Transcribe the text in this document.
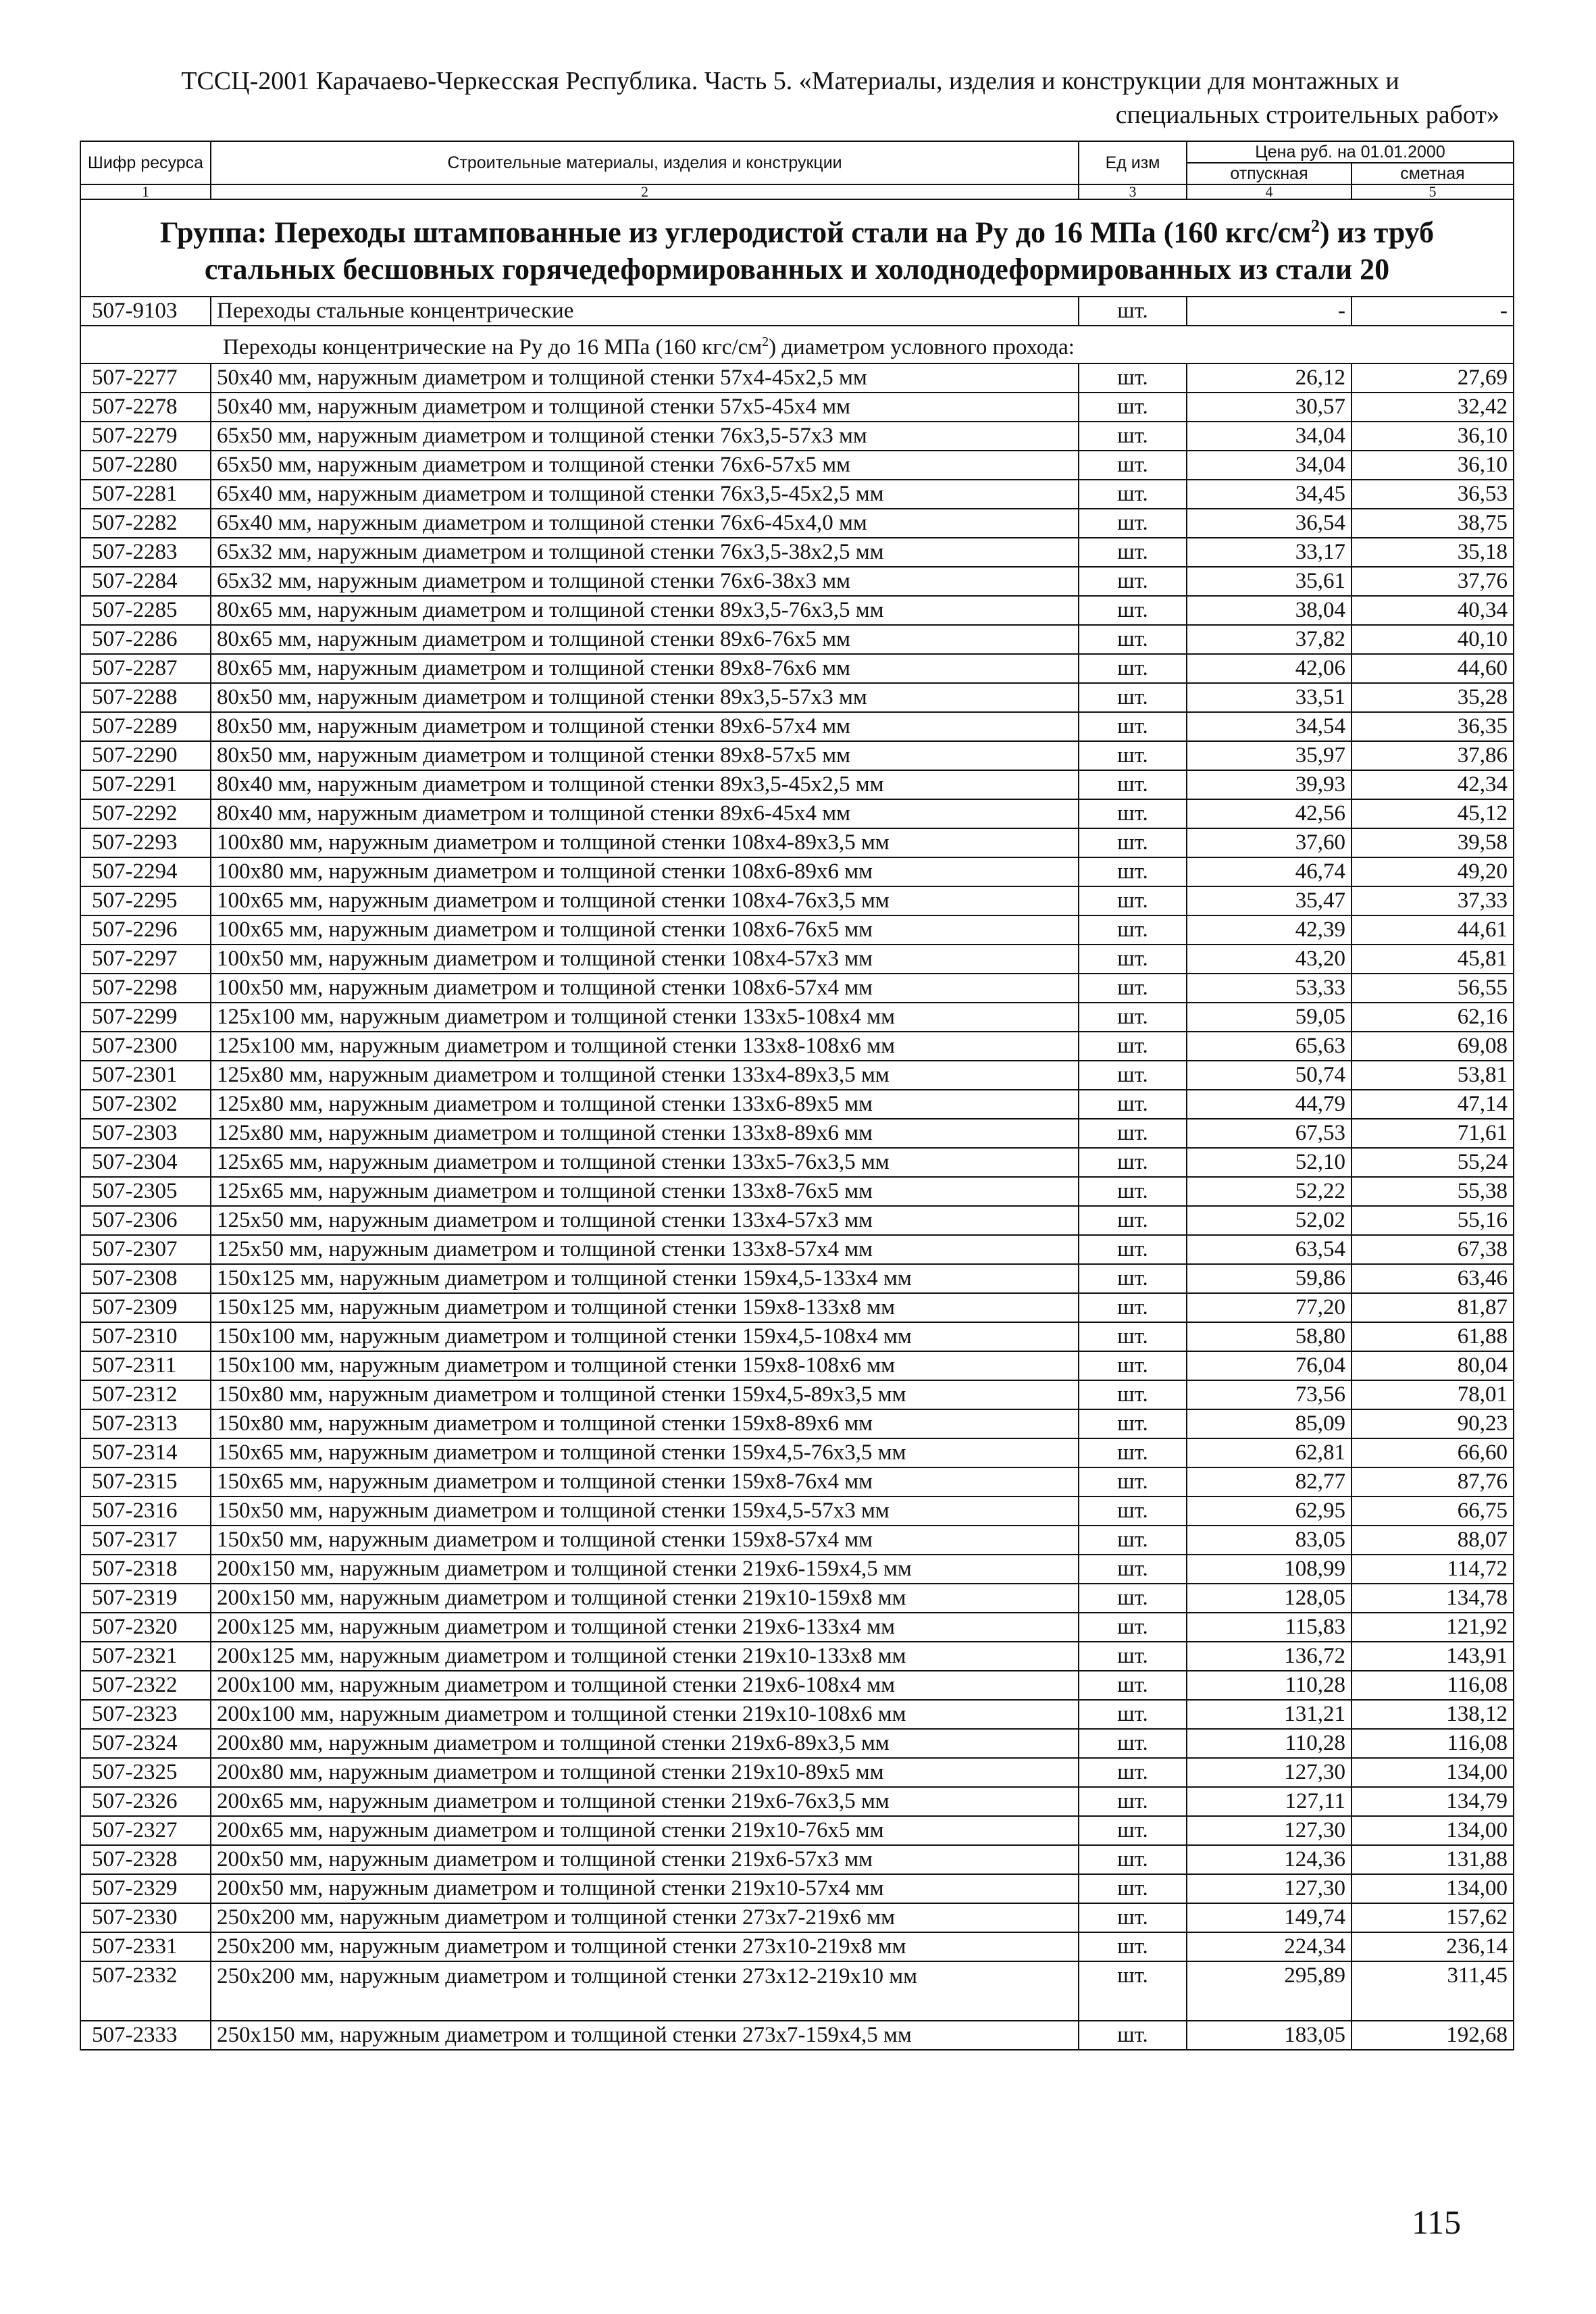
ТССЦ-2001 Карачаево-Черкесская Республика. Часть 5. «Материалы, изделия и конструкции для монтажных и
специальных строительных работ»
Шифр ресурса	Строительные материалы, изделия и конструкции	Ед изм	Цена руб. на 01.01.2000	
			отпускная	сметная
1	2	3	4	5
Группа: Переходы штампованные из углеродистой стали на Ру до 16 МПа (160 кгс/$см^2$) из труб стальных бесшовных горячедеформированных и холоднодеформированных из стали 20				
507-9103	Переходы стальные концентрические	шт.	-	-
Переходы концентрические на Ру до 16 МПа (160 кгс/$см^2$) диаметром условного прохода:				
507-2277	50x40 мм, наружным диаметром и толщиной стенки 57x4-45x2,5 мм	шт.	26,12	27,69
507-2278	50x40 мм, наружным диаметром и толщиной стенки 57x5-45x4 мм	шт.	30,57	32,42
507-2279	65x50 мм, наружным диаметром и толщиной стенки 76x3,5-57x3 мм	шт.	34,04	36,10
507-2280	65x50 мм, наружным диаметром и толщиной стенки 76x6-57x5 мм	шт.	34,04	36,10
507-2281	65x40 мм, наружным диаметром и толщиной стенки 76x3,5-45x2,5 мм	шт.	34,45	36,53
507-2282	65x40 мм, наружным диаметром и толщиной стенки 76x6-45x4,0 мм	шт.	36,54	38,75
507-2283	65x32 мм, наружным диаметром и толщиной стенки 76x3,5-38x2,5 мм	шт.	33,17	35,18
507-2284	65x32 мм, наружным диаметром и толщиной стенки 76x6-38x3 мм	шт.	35,61	37,76
507-2285	80x65 мм, наружным диаметром и толщиной стенки 89x3,5-76x3,5 мм	шт.	38,04	40,34
507-2286	80x65 мм, наружным диаметром и толщиной стенки 89x6-76x5 мм	шт.	37,82	40,10
507-2287	80x65 мм, наружным диаметром и толщиной стенки 89x8-76x6 мм	шт.	42,06	44,60
507-2288	80x50 мм, наружным диаметром и толщиной стенки 89x3,5-57x3 мм	шт.	33,51	35,28
507-2289	80x50 мм, наружным диаметром и толщиной стенки 89x6-57x4 мм	шт.	34,54	36,35
507-2290	80x50 мм, наружным диаметром и толщиной стенки 89x8-57x5 мм	шт.	35,97	37,86
507-2291	80x40 мм, наружным диаметром и толщиной стенки 89x3,5-45x2,5 мм	шт.	39,93	42,34
507-2292	80x40 мм, наружным диаметром и толщиной стенки 89x6-45x4 мм	шт.	42,56	45,12
507-2293	100x80 мм, наружным диаметром и толщиной стенки 108x4-89x3,5 мм	шт.	37,60	39,58
507-2294	100x80 мм, наружным диаметром и толщиной стенки 108x6-89x6 мм	шт.	46,74	49,20
507-2295	100x65 мм, наружным диаметром и толщиной стенки 108x4-76x3,5 мм	шт.	35,47	37,33
507-2296	100x65 мм, наружным диаметром и толщиной стенки 108x6-76x5 мм	шт.	42,39	44,61
507-2297	100x50 мм, наружным диаметром и толщиной стенки 108x4-57x3 мм	шт.	43,20	45,81
507-2298	100x50 мм, наружным диаметром и толщиной стенки 108x6-57x4 мм	шт.	53,33	56,55
507-2299	125x100 мм, наружным диаметром и толщиной стенки 133x5-108x4 мм	шт.	59,05	62,16
507-2300	125x100 мм, наружным диаметром и толщиной стенки 133x8-108x6 мм	шт.	65,63	69,08
507-2301	125x80 мм, наружным диаметром и толщиной стенки 133x4-89x3,5 мм	шт.	50,74	53,81
507-2302	125x80 мм, наружным диаметром и толщиной стенки 133x6-89x5 мм	шт.	44,79	47,14
507-2303	125x80 мм, наружным диаметром и толщиной стенки 133x8-89x6 мм	шт.	67,53	71,61
507-2304	125x65 мм, наружным диаметром и толщиной стенки 133x5-76x3,5 мм	шт.	52,10	55,24
507-2305	125x65 мм, наружным диаметром и толщиной стенки 133x8-76x5 мм	шт.	52,22	55,38
507-2306	125x50 мм, наружным диаметром и толщиной стенки 133x4-57x3 мм	шт.	52,02	55,16
507-2307	125x50 мм, наружным диаметром и толщиной стенки 133x8-57x4 мм	шт.	63,54	67,38
507-2308	150x125 мм, наружным диаметром и толщиной стенки 159x4,5-133x4 мм	шт.	59,86	63,46
507-2309	150x125 мм, наружным диаметром и толщиной стенки 159x8-133x8 мм	шт.	77,20	81,87
507-2310	150x100 мм, наружным диаметром и толщиной стенки 159x4,5-108x4 мм	шт.	58,80	61,88
507-2311	150x100 мм, наружным диаметром и толщиной стенки 159x8-108x6 мм	шт.	76,04	80,04
507-2312	150x80 мм, наружным диаметром и толщиной стенки 159x4,5-89x3,5 мм	шт.	73,56	78,01
507-2313	150x80 мм, наружным диаметром и толщиной стенки 159x8-89x6 мм	шт.	85,09	90,23
507-2314	150x65 мм, наружным диаметром и толщиной стенки 159x4,5-76x3,5 мм	шт.	62,81	66,60
507-2315	150x65 мм, наружным диаметром и толщиной стенки 159x8-76x4 мм	шт.	82,77	87,76
507-2316	150x50 мм, наружным диаметром и толщиной стенки 159x4,5-57x3 мм	шт.	62,95	66,75
507-2317	150x50 мм, наружным диаметром и толщиной стенки 159x8-57x4 мм	шт.	83,05	88,07
507-2318	200x150 мм, наружным диаметром и толщиной стенки 219x6-159x4,5 мм	шт.	108,99	114,72
507-2319	200x150 мм, наружным диаметром и толщиной стенки 219x10-159x8 мм	шт.	128,05	134,78
507-2320	200x125 мм, наружным диаметром и толщиной стенки 219x6-133x4 мм	шт.	115,83	121,92
507-2321	200x125 мм, наружным диаметром и толщиной стенки 219x10-133x8 мм	шт.	136,72	143,91
507-2322	200x100 мм, наружным диаметром и толщиной стенки 219x6-108x4 мм	шт.	110,28	116,08
507-2323	200x100 мм, наружным диаметром и толщиной стенки 219x10-108x6 мм	шт.	131,21	138,12
507-2324	200x80 мм, наружным диаметром и толщиной стенки 219x6-89x3,5 мм	шт.	110,28	116,08
507-2325	200x80 мм, наружным диаметром и толщиной стенки 219x10-89x5 мм	шт.	127,30	134,00
507-2326	200x65 мм, наружным диаметром и толщиной стенки 219x6-76x3,5 мм	шт.	127,11	134,79
507-2327	200x65 мм, наружным диаметром и толщиной стенки 219x10-76x5 мм	шт.	127,30	134,00
507-2328	200x50 мм, наружным диаметром и толщиной стенки 219x6-57x3 мм	шт.	124,36	131,88
507-2329	200x50 мм, наружным диаметром и толщиной стенки 219x10-57x4 мм	шт.	127,30	134,00
507-2330	250x200 мм, наружным диаметром и толщиной стенки 273x7-219x6 мм	шт.	149,74	157,62
507-2331	250x200 мм, наружным диаметром и толщиной стенки 273x10-219x8 мм	шт.	224,34	236,14
507-2332	250x200 мм, наружным диаметром и толщиной стенки 273x12-219x10 мм	шт.	295,89	311,45
507-2333	250x150 мм, наружным диаметром и толщиной стенки 273x7-159x4,5 мм	шт.	183,05	192,68
115
